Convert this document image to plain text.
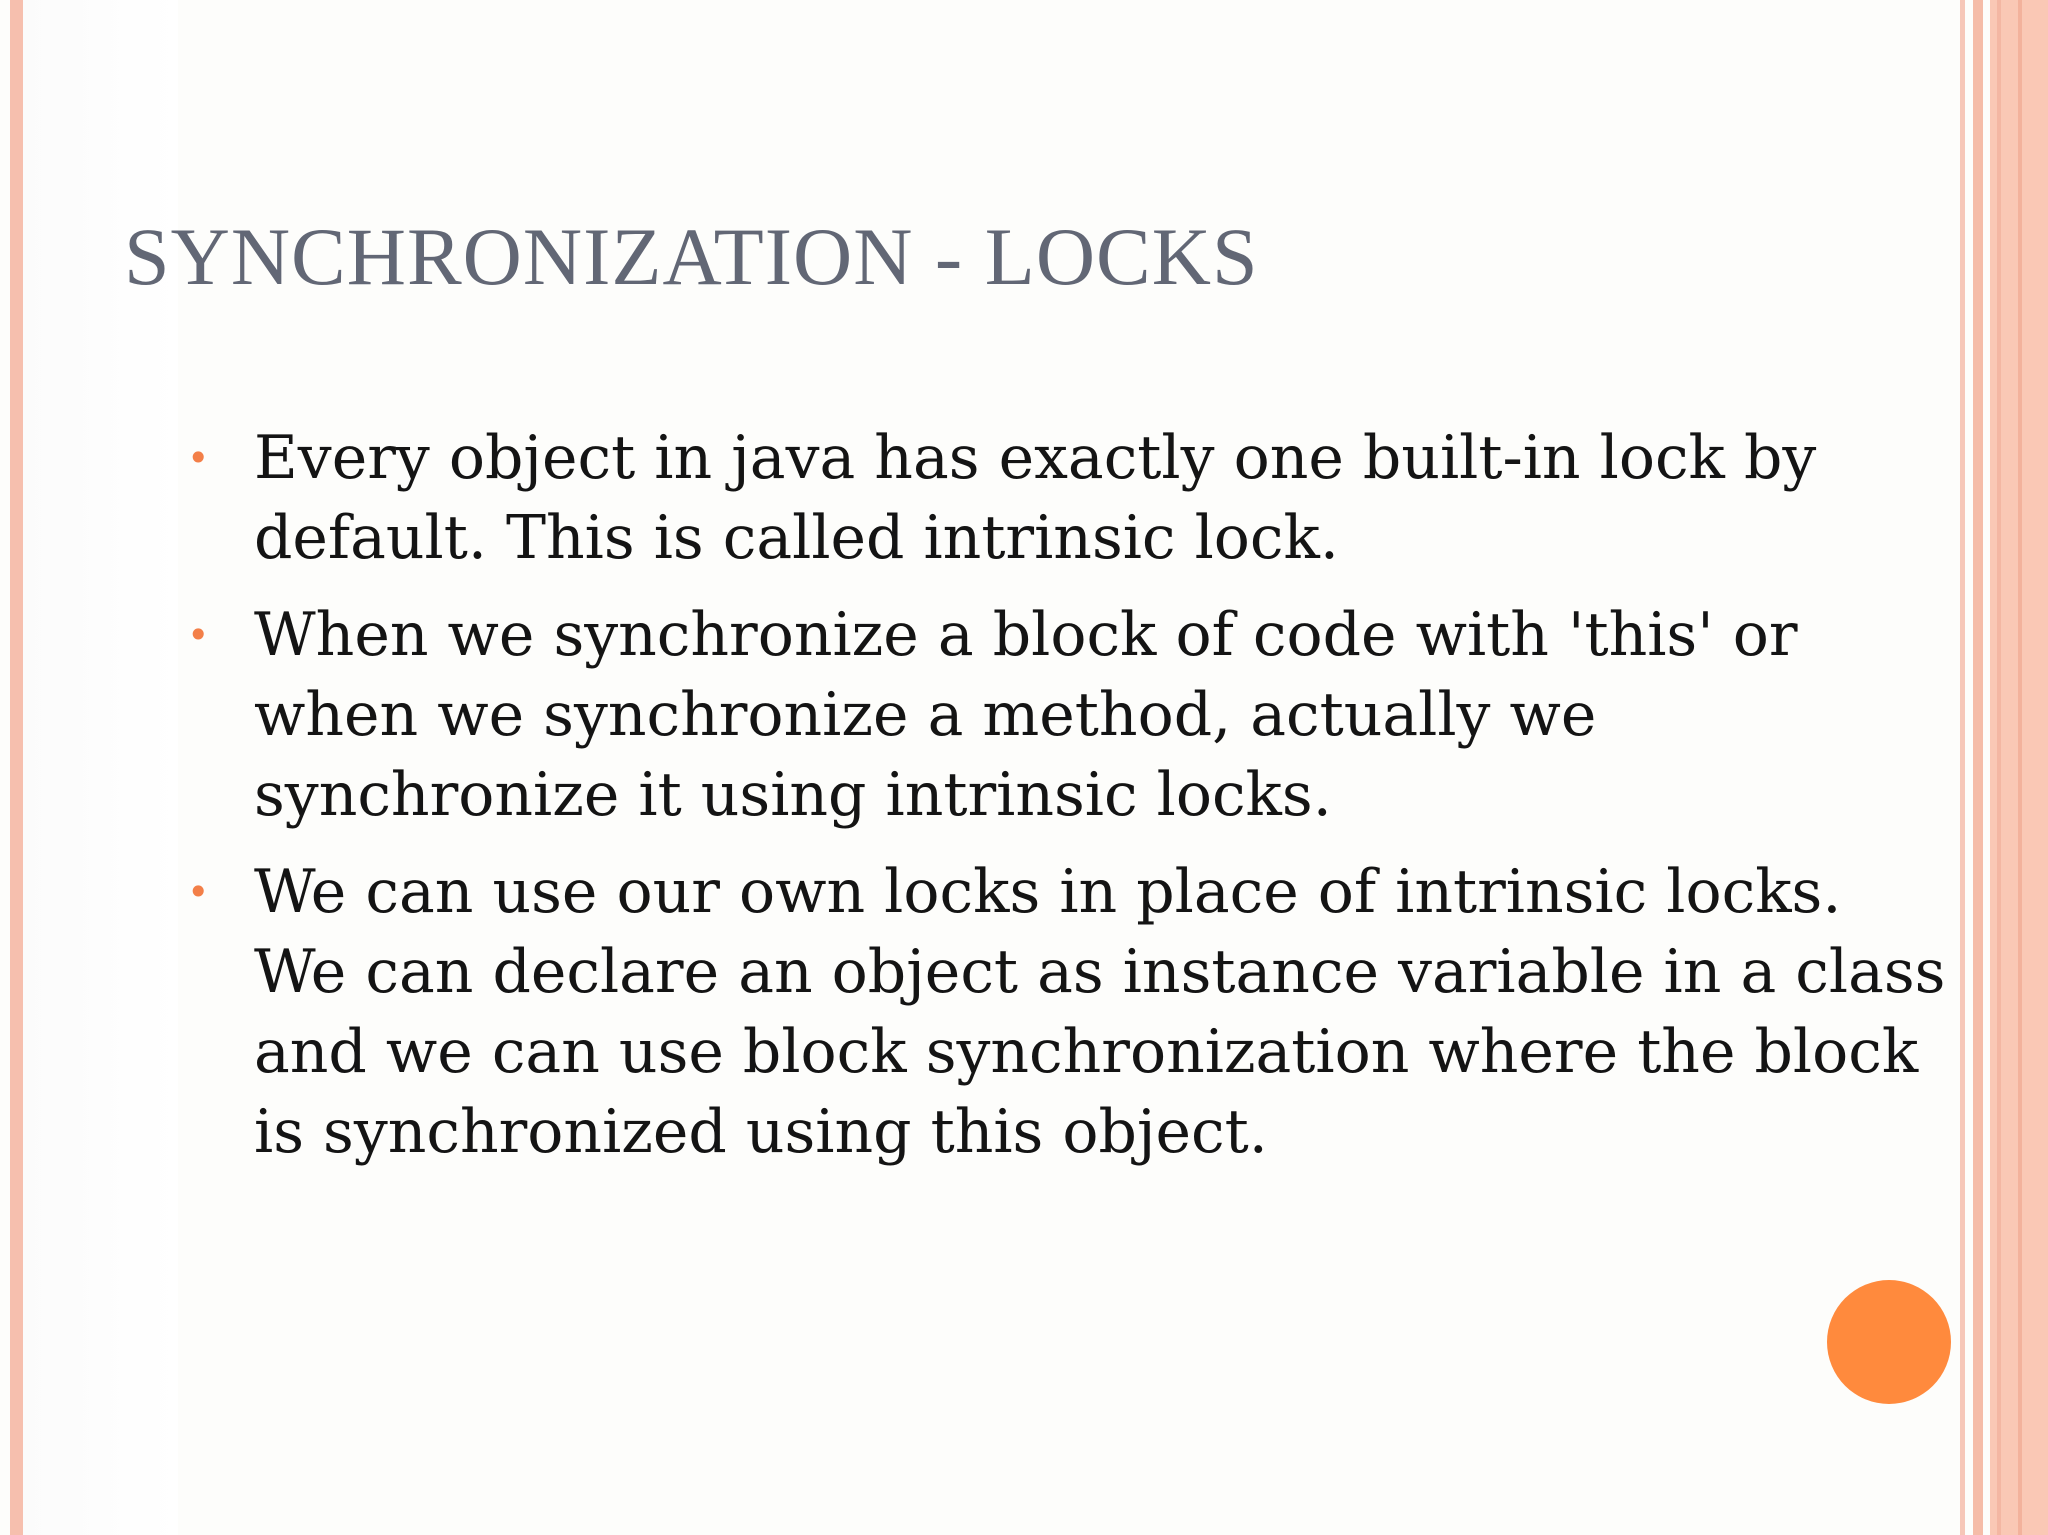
SYNCHRONIZATION - LOCKS
• Every object in java has exactly one built-in lock by default. This is called intrinsic lock.
• When we synchronize a block of code with 'this' or when we synchronize a method, actually we synchronize it using intrinsic locks.
• We can use our own locks in place of intrinsic locks. We can declare an object as instance variable in a class and we can use block synchronization where the block is synchronized using this object.
